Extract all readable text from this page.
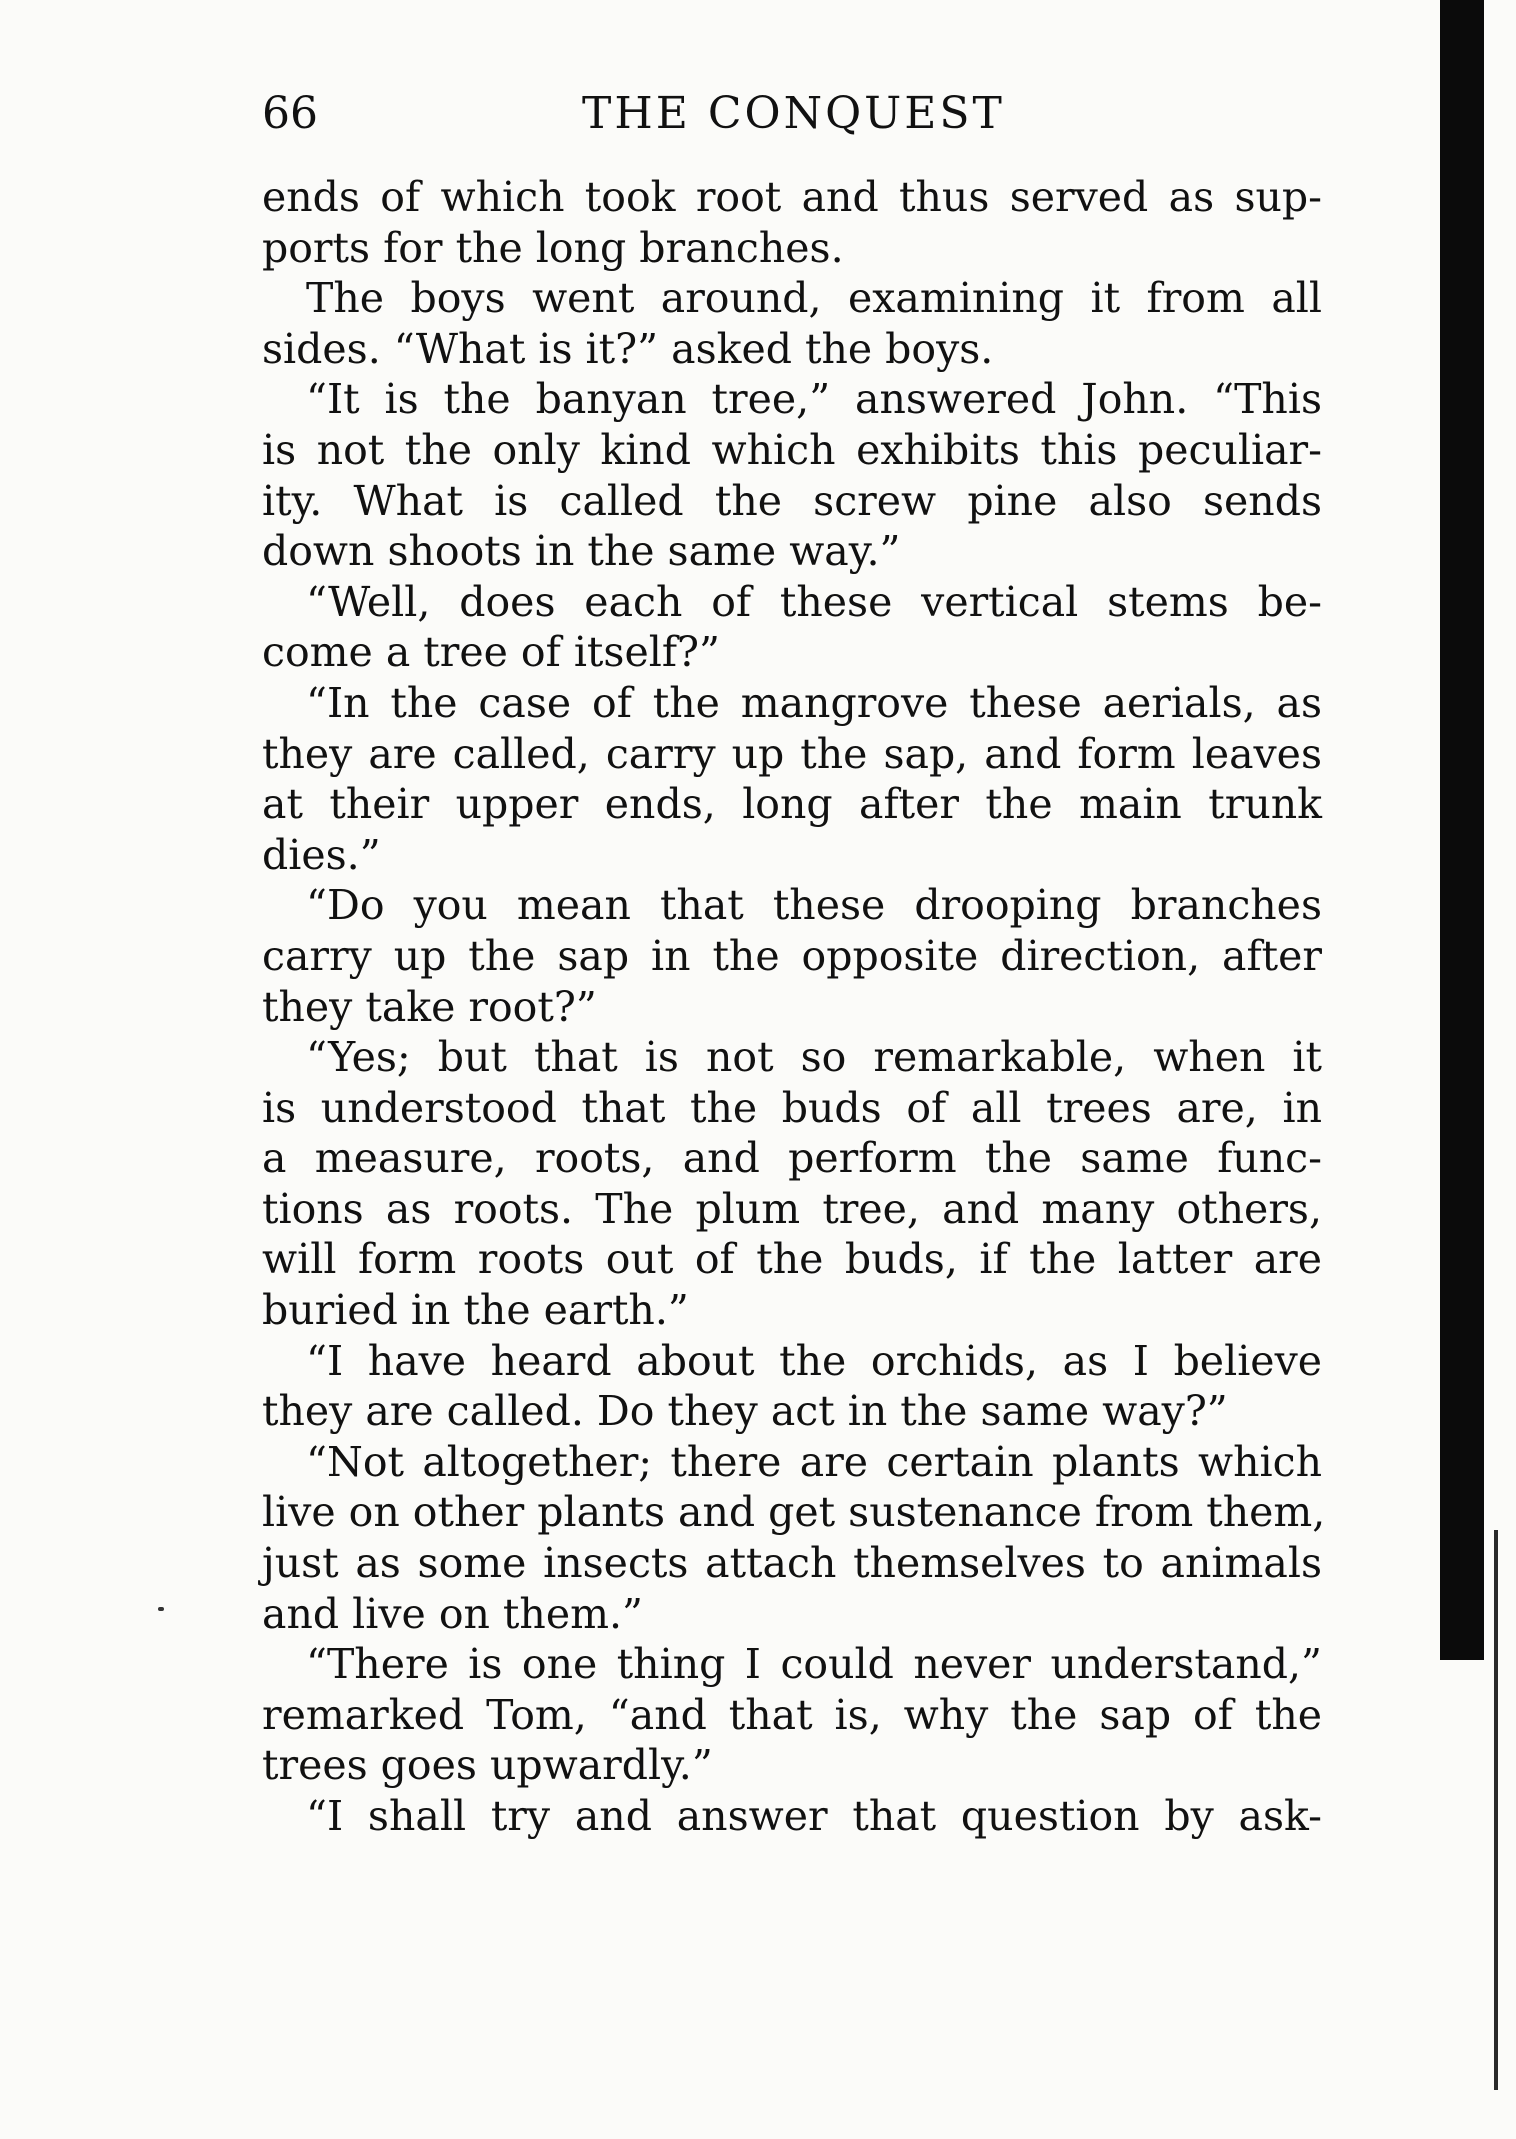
66	THE CONQUEST
ends of which took root and thus served as sup-
ports for the long branches.
The boys went around, examining it from all
sides. “What is it?” asked the boys.
“It is the banyan tree,” answered John. “This
is not the only kind which exhibits this peculiar-
ity. What is called the screw pine also sends
down shoots in the same way.”
“Well, does each of these vertical stems be-
come a tree of itself?”
“In the case of the mangrove these aerials, as
they are called, carry up the sap, and form leaves
at their upper ends, long after the main trunk
dies.”
“Do you mean that these drooping branches
carry up the sap in the opposite direction, after
they take root?”
“Yes; but that is not so remarkable, when it
is understood that the buds of all trees are, in
a measure, roots, and perform the same func-
tions as roots. The plum tree, and many others,
will form roots out of the buds, if the latter are
buried in the earth.”
“I have heard about the orchids, as I believe
they are called. Do they act in the same way?”
“Not altogether; there are certain plants which
live on other plants and get sustenance from them,
just as some insects attach themselves to animals
and live on them.”
“There is one thing I could never understand,”
remarked Tom, “and that is, why the sap of the
trees goes upwardly.”
“I shall try and answer that question by ask-
